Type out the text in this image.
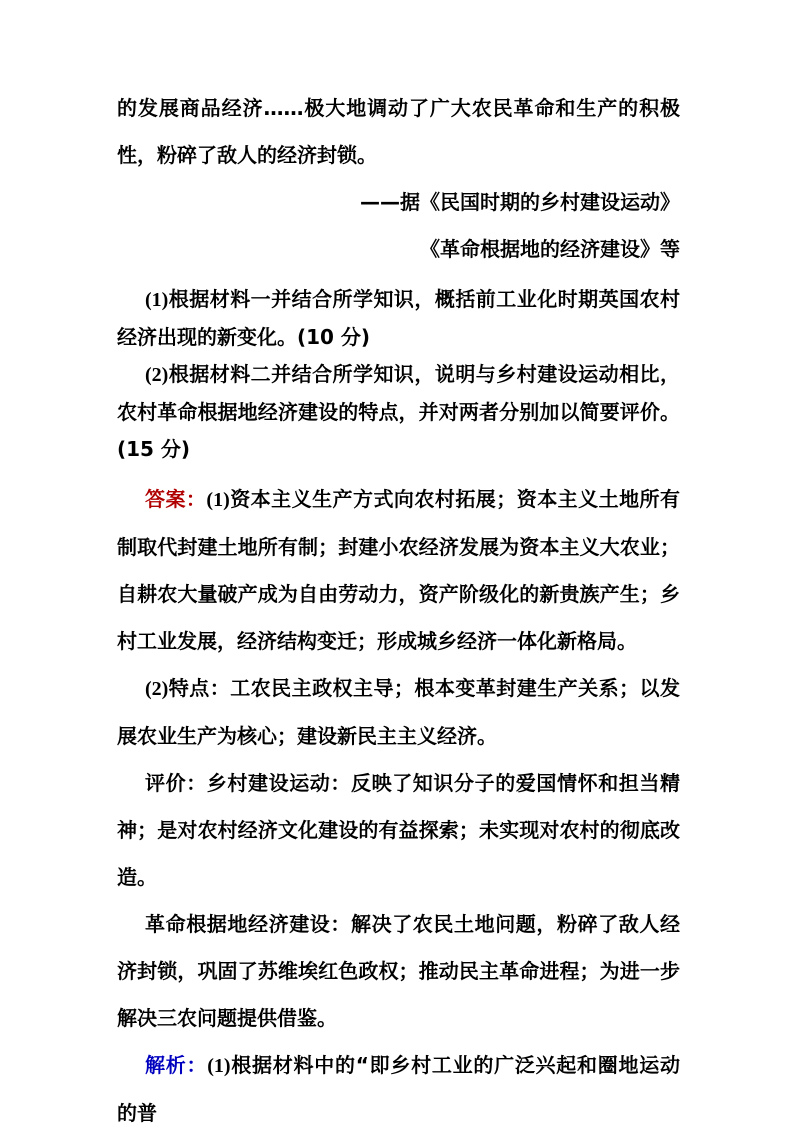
的发展商品经济……极大地调动了广大农民革命和生产的积极性，粉碎了敌人的经济封锁。

——据《民国时期的乡村建设运动》

《革命根据地的经济建设》等

(1)根据材料一并结合所学知识，概括前工业化时期英国农村经济出现的新变化。(10 分)

(2)根据材料二并结合所学知识，说明与乡村建设运动相比，农村革命根据地经济建设的特点，并对两者分别加以简要评价。(15 分)

答案：(1)资本主义生产方式向农村拓展；资本主义土地所有制取代封建土地所有制；封建小农经济发展为资本主义大农业；自耕农大量破产成为自由劳动力，资产阶级化的新贵族产生；乡村工业发展，经济结构变迁；形成城乡经济一体化新格局。

(2)特点：工农民主政权主导；根本变革封建生产关系；以发展农业生产为核心；建设新民主主义经济。

评价：乡村建设运动：反映了知识分子的爱国情怀和担当精神；是对农村经济文化建设的有益探索；未实现对农村的彻底改造。

革命根据地经济建设：解决了农民土地问题，粉碎了敌人经济封锁，巩固了苏维埃红色政权；推动民主革命进程；为进一步解决三农问题提供借鉴。

解析：(1)根据材料中的“即乡村工业的广泛兴起和圈地运动的普
